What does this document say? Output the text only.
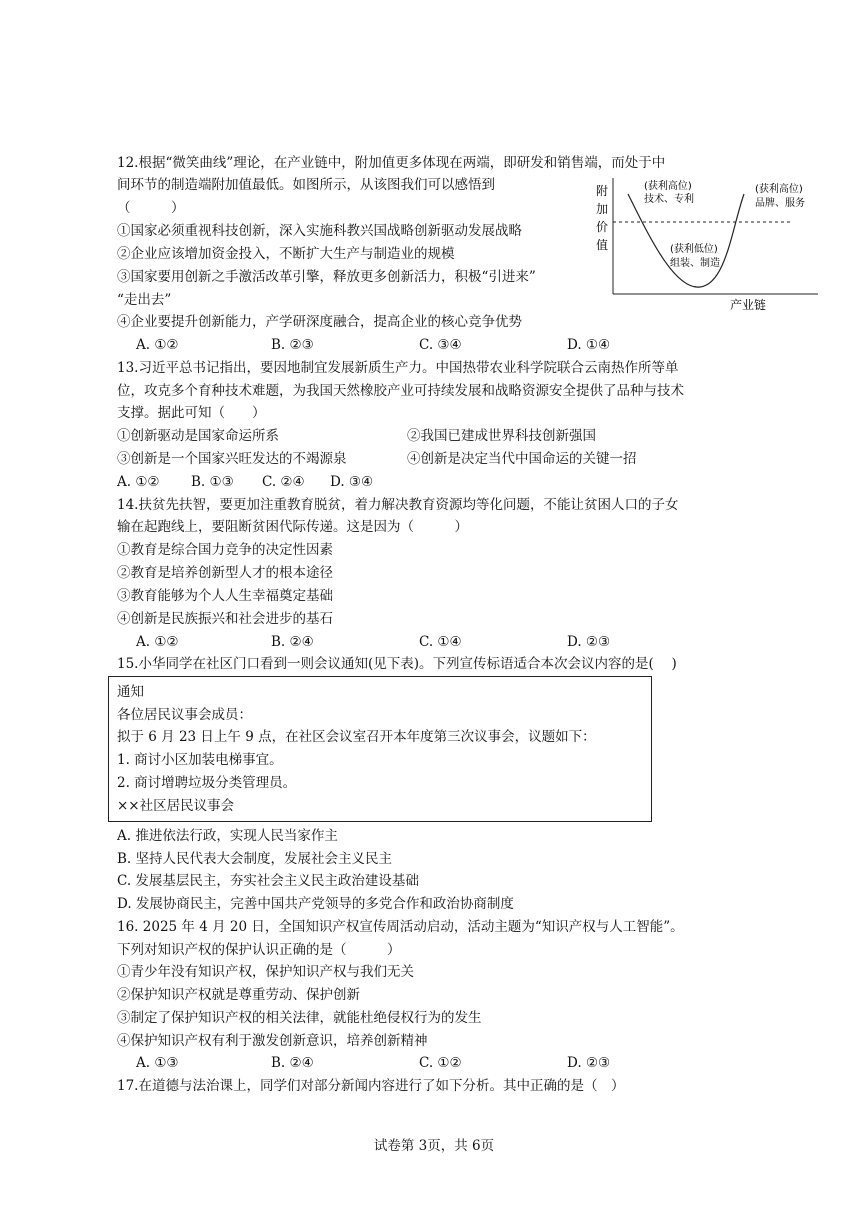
12.根据“微笑曲线”理论，在产业链中，附加值更多体现在两端，即研发和销售端，而处于中
间环节的制造端附加值最低。如图所示，从该图我们可以感悟到
（　　　）
①国家必须重视科技创新，深入实施科教兴国战略创新驱动发展战略
②企业应该增加资金投入，不断扩大生产与制造业的规模
③国家要用创新之手激活改革引擎，释放更多创新活力，积极“引进来”
“走出去”
④企业要提升创新能力，产学研深度融合，提高企业的核心竞争优势
A. ①②	B. ②③	C. ③④	D. ①④
附
加
价
值
(获利高位)
技术、专利
(获利高位)
品牌、服务
(获利低位)
组装、制造
产业链
13.习近平总书记指出，要因地制宜发展新质生产力。中国热带农业科学院联合云南热作所等单
位，攻克多个育种技术难题，为我国天然橡胶产业可持续发展和战略资源安全提供了品种与技术
支撑。据此可知（　　）
①创新驱动是国家命运所系	②我国已建成世界科技创新强国
③创新是一个国家兴旺发达的不竭源泉	④创新是决定当代中国命运的关键一招
A. ①② B. ①③ C. ②④ D. ③④
14.扶贫先扶智，要更加注重教育脱贫，着力解决教育资源均等化问题，不能让贫困人口的子女
输在起跑线上，要阻断贫困代际传递。这是因为（　　　）
①教育是综合国力竞争的决定性因素
②教育是培养创新型人才的根本途径
③教育能够为个人人生幸福奠定基础
④创新是民族振兴和社会进步的基石
A. ①②	B. ②④	C. ①④	D. ②③
15.小华同学在社区门口看到一则会议通知(见下表)。下列宣传标语适合本次会议内容的是(　 )
通知
各位居民议事会成员：
拟于 6 月 23 日上午 9 点，在社区会议室召开本年度第三次议事会，议题如下：
1. 商讨小区加装电梯事宜。
2. 商讨增聘垃圾分类管理员。
××社区居民议事会
A. 推进依法行政，实现人民当家作主
B. 坚持人民代表大会制度，发展社会主义民主
C. 发展基层民主，夯实社会主义民主政治建设基础
D. 发展协商民主，完善中国共产党领导的多党合作和政治协商制度
16. 2025 年 4 月 20 日，全国知识产权宣传周活动启动，活动主题为“知识产权与人工智能”。
下列对知识产权的保护认识正确的是（　　　）
①青少年没有知识产权，保护知识产权与我们无关
②保护知识产权就是尊重劳动、保护创新
③制定了保护知识产权的相关法律，就能杜绝侵权行为的发生
④保护知识产权有利于激发创新意识，培养创新精神
A. ①③	B. ②④	C. ①②	D. ②③
17.在道德与法治课上，同学们对部分新闻内容进行了如下分析。其中正确的是（　）
试卷第 3页，共 6页
